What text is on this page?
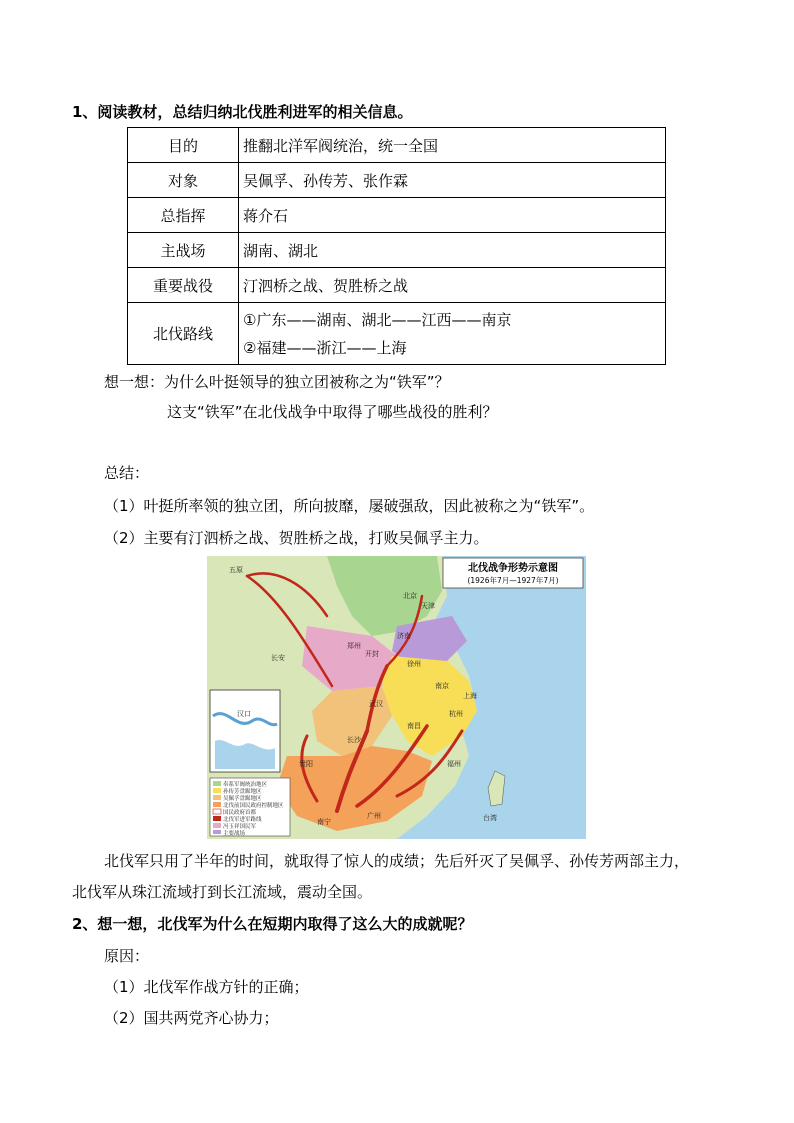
1、阅读教材，总结归纳北伐胜利进军的相关信息。
目的	推翻北洋军阀统治，统一全国
对象	吴佩孚、孙传芳、张作霖
总指挥	蒋介石
主战场	湖南、湖北
重要战役	汀泗桥之战、贺胜桥之战
北伐路线	①广东——湖南、湖北——江西——南京
②福建——浙江——上海
想一想：为什么叶挺领导的独立团被称之为“铁军”？
这支“铁军”在北伐战争中取得了哪些战役的胜利？
总结：
（1）叶挺所率领的独立团，所向披靡，屡破强敌，因此被称之为“铁军”。
（2）主要有汀泗桥之战、贺胜桥之战，打败吴佩孚主力。
北伐战争形势示意图
(1926年7月—1927年7月)
五原
北京
天津
济南
长安
郑州
开封
徐州
南京
上海
武汉
长沙
南昌
杭州
福州
广州
南宁	台湾
贵阳
汉口
奉系军阀统治地区
孙传芳盘踞地区
吴佩孚盘踞地区
北伐前国民政府控制地区
国民政府首都
北伐军进军路线
冯玉祥国民军
主要战场
北伐军只用了半年的时间，就取得了惊人的成绩；先后歼灭了吴佩孚、孙传芳两部主力，
北伐军从珠江流域打到长江流域，震动全国。
2、想一想，北伐军为什么在短期内取得了这么大的成就呢？
原因：
（1）北伐军作战方针的正确；
（2）国共两党齐心协力；
